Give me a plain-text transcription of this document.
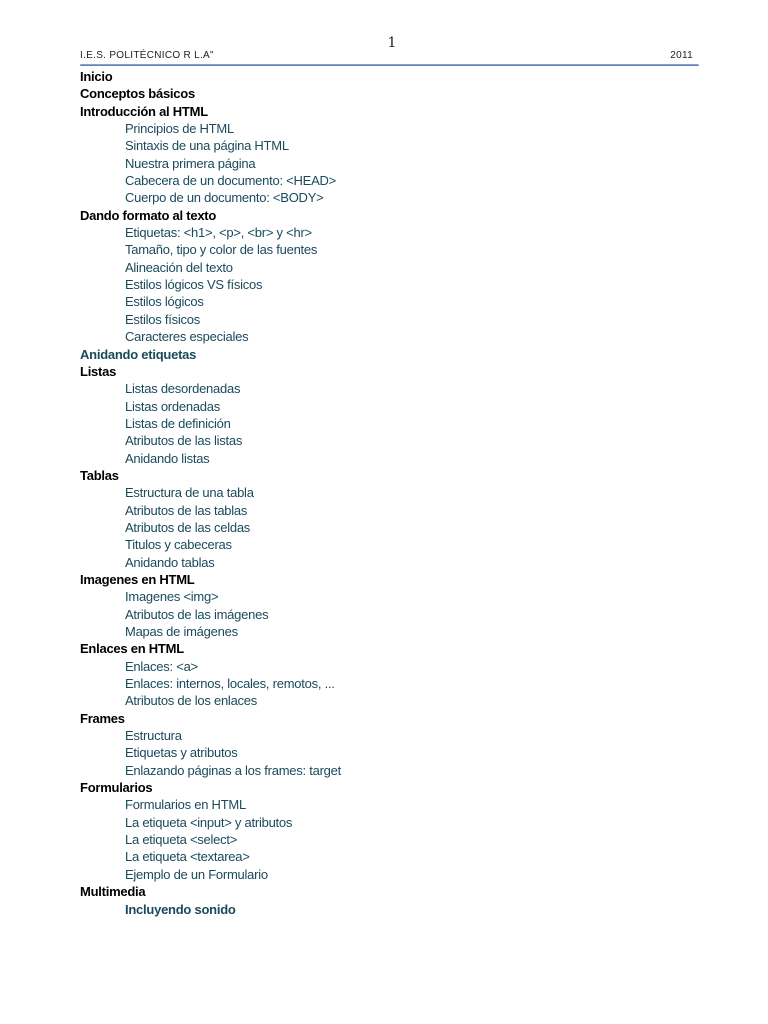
1
I.E.S. POLITÉCNICO R L.A"	2011
Inicio
Conceptos básicos
Introducción al HTML
Principios de HTML
Sintaxis de una página HTML
Nuestra primera página
Cabecera de un documento: <HEAD>
Cuerpo de un documento: <BODY>
Dando formato al texto
Etiquetas: <h1>, <p>, <br> y <hr>
Tamaño, tipo y color de las fuentes
Alineación del texto
Estilos lógicos VS físicos
Estilos lógicos
Estilos físicos
Caracteres especiales
Anidando etiquetas
Listas
Listas desordenadas
Listas ordenadas
Listas de definición
Atributos de las listas
Anidando listas
Tablas
Estructura de una tabla
Atributos de las tablas
Atributos de las celdas
Titulos y cabeceras
Anidando tablas
Imagenes en HTML
Imagenes <img>
Atributos de las imágenes
Mapas de imágenes
Enlaces en HTML
Enlaces: <a>
Enlaces: internos, locales, remotos, ...
Atributos de los enlaces
Frames
Estructura
Etiquetas y atributos
Enlazando páginas a los frames: target
Formularios
Formularios en HTML
La etiqueta <input> y atributos
La etiqueta <select>
La etiqueta <textarea>
Ejemplo de un Formulario
Multimedia
Incluyendo sonido
